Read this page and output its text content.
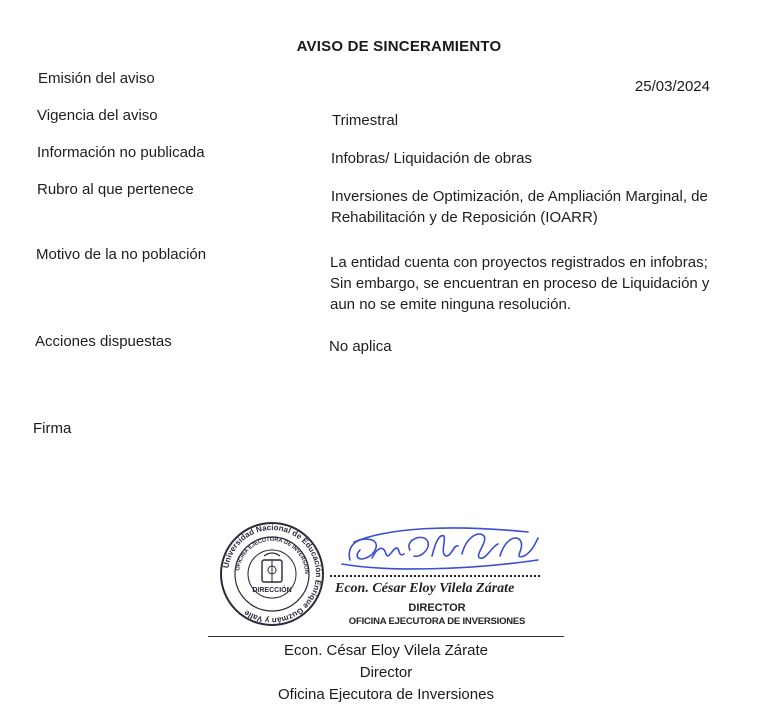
AVISO DE SINCERAMIENTO
Emisión del aviso	25/03/2024
Vigencia del aviso	Trimestral
Información no publicada	Infobras/ Liquidación de obras
Rubro al que pertenece	Inversiones de Optimización, de Ampliación Marginal, de
Rehabilitación y de Reposición (IOARR)
Motivo de la no población	La entidad cuenta con proyectos registrados en infobras;
Sin embargo, se encuentran en proceso de Liquidación y
aun no se emite ninguna resolución.
Acciones dispuestas	No aplica
Firma
Universidad Nacional de Educación Enrique Guzmán y Valle
OFICINA EJECUTORA DE INVERSION
DIRECCIÓN	Econ. César Eloy Vilela Zárate
DIRECTOR
OFICINA EJECUTORA DE INVERSIONES
Econ. César Eloy Vilela Zárate
Director
Oficina Ejecutora de Inversiones
